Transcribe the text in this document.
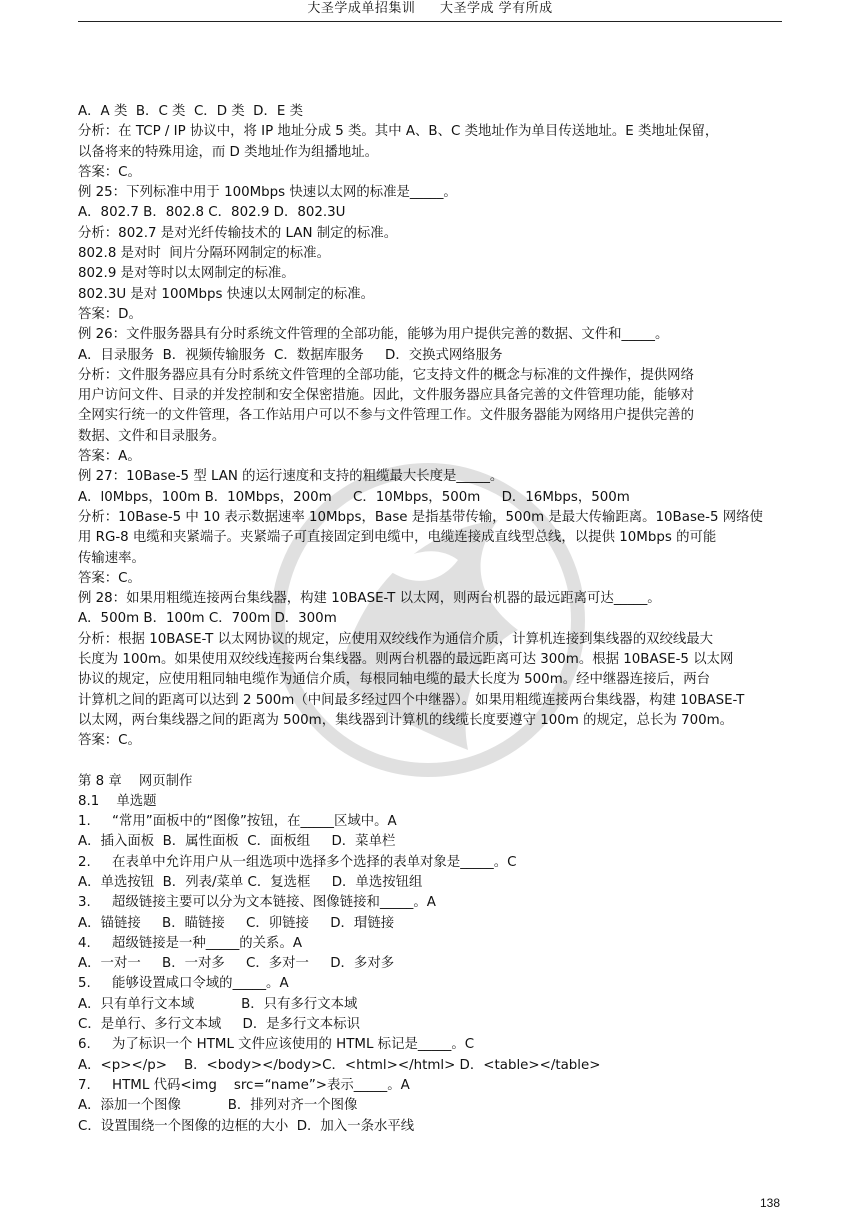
大圣学成单招集训 大圣学成 学有所成

A．A 类  B．C 类  C．D 类  D．E 类

分析：在 TCP / IP 协议中，将 IP 地址分成 5 类。其中 A、B、C 类地址作为单目传送地址。E 类地址保留，

以备将来的特殊用途，而 D 类地址作为组播地址。

答案：C。

例 25：下列标准中用于 100Mbps 快速以太网的标准是_____。

A．802.7 B．802.8 C．802.9 D．802.3U

分析：802.7 是对光纤传输技术的 LAN 制定的标准。

802.8 是对时  间片分隔环网制定的标准。

802.9 是对等时以太网制定的标准。

802.3U 是对 100Mbps 快速以太网制定的标准。

答案：D。

例 26：文件服务器具有分时系统文件管理的全部功能，能够为用户提供完善的数据、文件和_____。

A．目录服务  B．视频传输服务  C．数据库服务     D．交换式网络服务

分析：文件服务器应具有分时系统文件管理的全部功能，它支持文件的概念与标准的文件操作，提供网络

用户访问文件、目录的并发控制和安全保密措施。因此，文件服务器应具备完善的文件管理功能，能够对

全网实行统一的文件管理，各工作站用户可以不参与文件管理工作。文件服务器能为网络用户提供完善的

数据、文件和目录服务。

答案：A。

例 27：10Base-5 型 LAN 的运行速度和支持的粗缆最大长度是_____。

A．l0Mbps，100m B．10Mbps，200m     C．10Mbps，500m     D．16Mbps，500m

分析：10Base-5 中 10 表示数据速率 10Mbps，Base 是指基带传输，500m 是最大传输距离。10Base-5 网络使

用 RG-8 电缆和夹紧端子。夹紧端子可直接固定到电缆中，电缆连接成直线型总线，以提供 10Mbps 的可能

传输速率。

答案：C。

例 28：如果用粗缆连接两台集线器，构建 10BASE-T 以太网，则两台机器的最远距离可达_____。

A．500m B．100m C．700m D．300m

分析：根据 10BASE-T 以太网协议的规定，应使用双绞线作为通信介质，计算机连接到集线器的双绞线最大

长度为 100m。如果使用双绞线连接两台集线器。则两台机器的最远距离可达 300m。根据 10BASE-5 以太网

协议的规定，应使用粗同轴电缆作为通信介质，每根同轴电缆的最大长度为 500m。经中继器连接后，两台

计算机之间的距离可以达到 2 500m（中间最多经过四个中继器）。如果用粗缆连接两台集线器，构建 10BASE-T

以太网，两台集线器之间的距离为 500m，集线器到计算机的线缆长度要遵守 100m 的规定，总长为 700m。

答案：C。

第 8 章    网页制作

8.1    单选题

1.     “常用”面板中的“图像”按钮，在_____区域中。A

A．插入面板  B．属性面板  C．面板组     D．菜单栏

2.     在表单中允许用户从一组选项中选择多个选择的表单对象是_____。C

A．单选按钮  B．列表/菜单 C．复选框     D．单选按钮组

3.     超级链接主要可以分为文本链接、图像链接和_____。A

A．锚链接     B．瞄链接     C．卯链接     D．瑁链接

4.     超级链接是一种_____的关系。A

A．一对一     B．一对多     C．多对一     D．多对多

5.     能够设置咸口令域的_____。A

A．只有单行文本域           B．只有多行文本域

C．是单行、多行文本域     D．是多行文本标识

6.     为了标识一个 HTML 文件应该使用的 HTML 标记是_____。C

A．<p></p>    B．<body></body>C．<html></html> D．<table></table>

7.     HTML 代码<img    src=“name”>表示_____。A

A．添加一个图像           B．排列对齐一个图像

C．设置围绕一个图像的边框的大小  D．加入一条水平线

138
